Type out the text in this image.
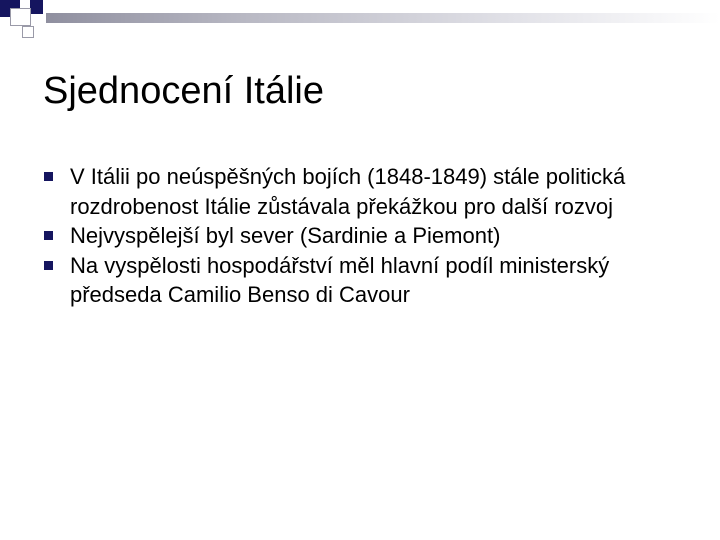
Sjednocení Itálie
V Itálii po neúspěšných bojích (1848-1849) stále politická rozdrobenost Itálie zůstávala překážkou pro další rozvoj
Nejvyspělejší byl sever (Sardinie a Piemont)
Na vyspělosti hospodářství měl hlavní podíl ministerský předseda Camilio Benso di Cavour
